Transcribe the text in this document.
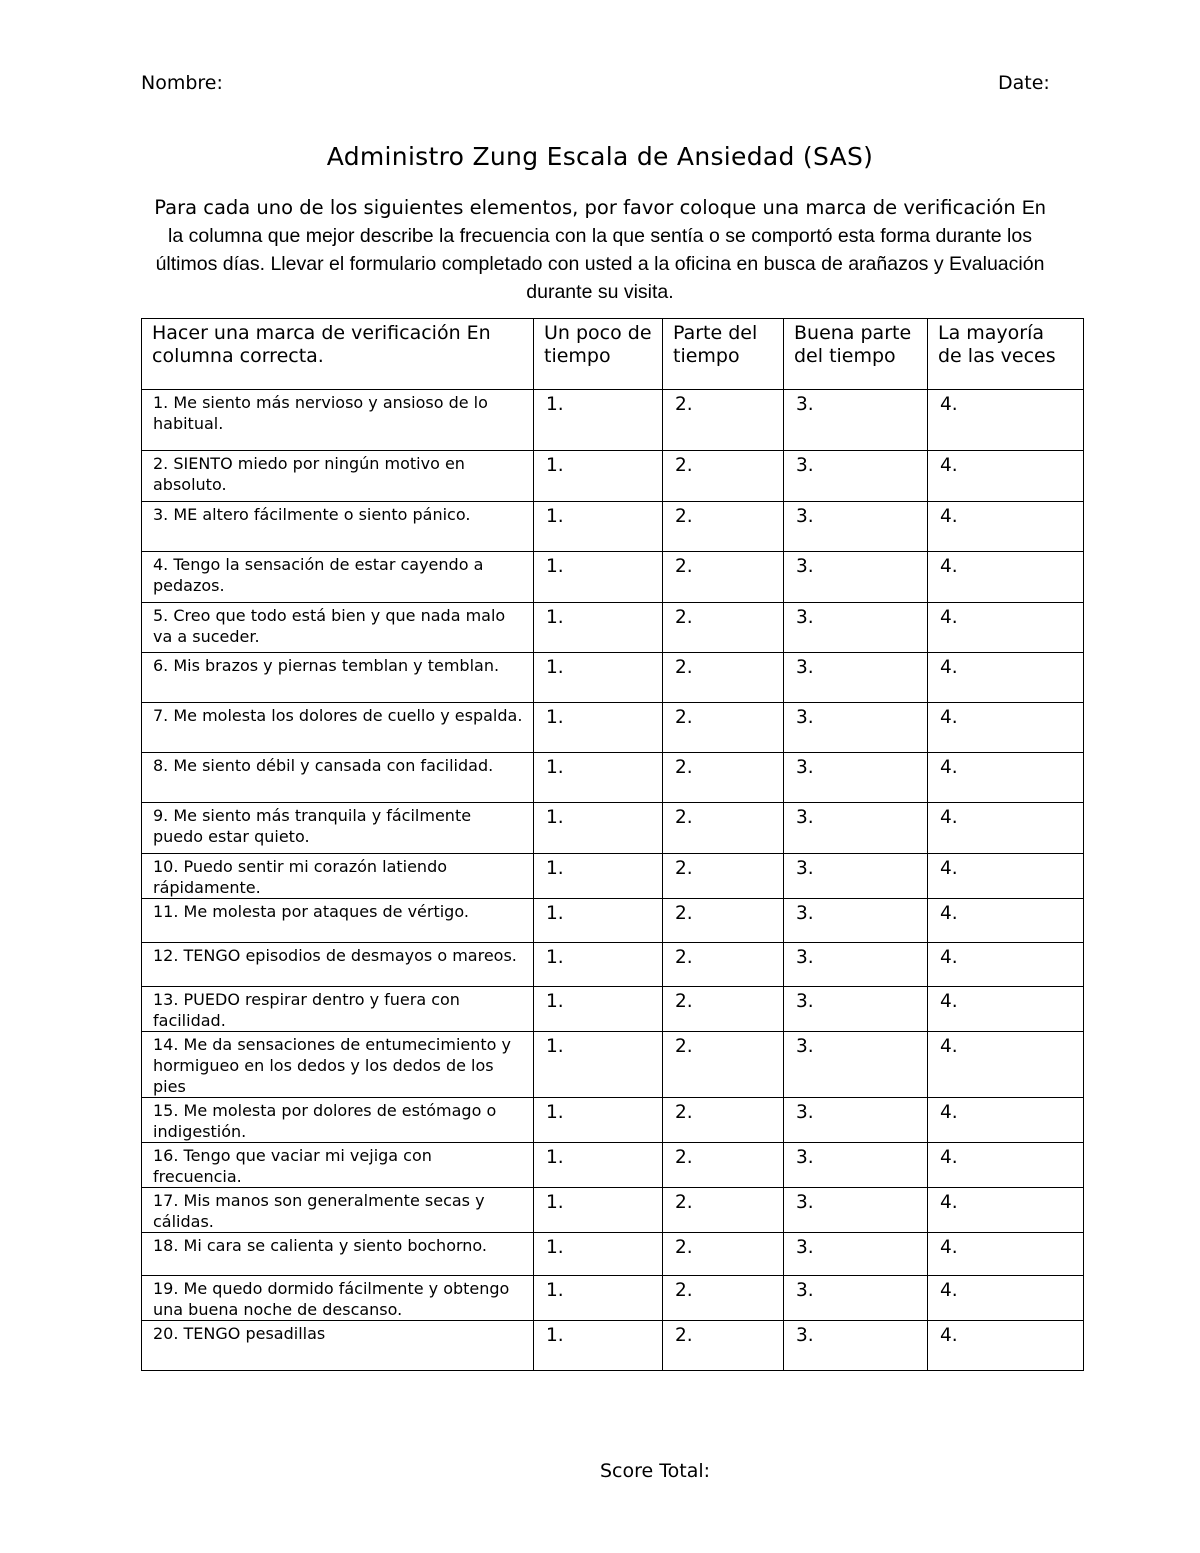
Nombre:	Date:
Administro Zung Escala de Ansiedad (SAS)
Para cada uno de los siguientes elementos, por favor coloque una marca de verificación En la columna que mejor describe la frecuencia con la que sentía o se comportó esta forma durante los últimos días. Llevar el formulario completado con usted a la oficina en busca de arañazos y Evaluación durante su visita.
Hacer una marca de verificación En columna correcta.	Un poco de tiempo	Parte del tiempo	Buena parte del tiempo	La mayoría de las veces
1. Me siento más nervioso y ansioso de lo habitual.	1.	2.	3.	4.
2. SIENTO miedo por ningún motivo en absoluto.	1.	2.	3.	4.
3. ME altero fácilmente o siento pánico.	1.	2.	3.	4.
4. Tengo la sensación de estar cayendo a pedazos.	1.	2.	3.	4.
5. Creo que todo está bien y que nada malo va a suceder.	1.	2.	3.	4.
6. Mis brazos y piernas temblan y temblan.	1.	2.	3.	4.
7. Me molesta los dolores de cuello y espalda.	1.	2.	3.	4.
8. Me siento débil y cansada con facilidad.	1.	2.	3.	4.
9. Me siento más tranquila y fácilmente puedo estar quieto.	1.	2.	3.	4.
10. Puedo sentir mi corazón latiendo rápidamente.	1.	2.	3.	4.
11. Me molesta por ataques de vértigo.	1.	2.	3.	4.
12. TENGO episodios de desmayos o mareos.	1.	2.	3.	4.
13. PUEDO respirar dentro y fuera con facilidad.	1.	2.	3.	4.
14. Me da sensaciones de entumecimiento y hormigueo en los dedos y los dedos de los pies	1.	2.	3.	4.
15. Me molesta por dolores de estómago o indigestión.	1.	2.	3.	4.
16. Tengo que vaciar mi vejiga con frecuencia.	1.	2.	3.	4.
17. Mis manos son generalmente secas y cálidas.	1.	2.	3.	4.
18. Mi cara se calienta y siento bochorno.	1.	2.	3.	4.
19. Me quedo dormido fácilmente y obtengo una buena noche de descanso.	1.	2.	3.	4.
20. TENGO pesadillas	1.	2.	3.	4.
Score Total:
